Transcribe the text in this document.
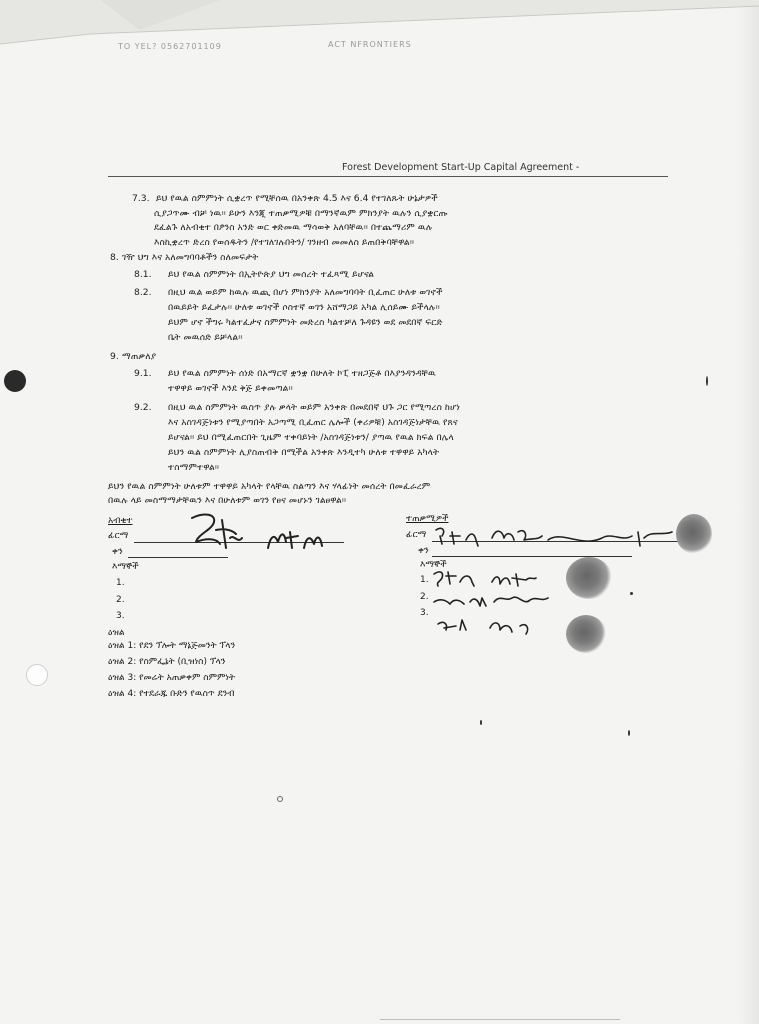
TO YEL? 0562701109	ACT NFRONTIERS
Forest Development Start-Up Capital Agreement -
7.3. ይህ የዉል ስምምነት ሲቋረጥ የሚቸሰዉ በአንቀጽ 4.5 እና 6.4 የተገለጹት ሁኔታዎች
ሲያጋጥሙ ብቻ ነዉ፡፡ ይሁን እንጂ ተጠቃሚዎቹ በማንኛዉም ምክንያት ዉሉን ሲያቋርጡ
ደፈልጉ ለአብቂተ በፆንስ አንድ ወር ቀድመዉ ማሳወቅ አለባቸዉ፡፡ በተጨማሪም ዉሉ
እስኪቋረጥ ድረስ የወሰዱትን /የተገለገሉበትን/ ገንዘብ መመለስ ይጠበቅባቸዋል፡፡
8. ገዥ ህግ እና አለመግባባቶችን ስለመፍታት
8.1. ይህ የዉል ስምምነት በኢትዮጵያ ህግ መሰረት ተፈጻሚ ይሆናል
8.2. በዚህ ዉል ወይም ከዉሉ ዉጪ በሆነ ምክንያት አለመግባባት ቢፈጠር ሁለቱ ወገኖች
በዉይይት ይፈታሉ፡፡ ሁለቱ ወገኖች ሶስተኛ ወገን አሸማጋይ አካል ሊሰይሙ ይችላሉ፡፡
ይህም ሆኖ ችግሩ ካልተፈታና ስምምነት መድረስ ካልተቻለ ጉዳዩን ወደ መደበኛ ፍርድ
ቤት መዉሰድ ይቻላል፡፡
9. ማጠቃለያ
9.1. ይህ የዉል ስምምነት ሰነድ በአማርኛ ቋንቋ በሁለት ኮፒ ተዘጋጅቶ በእያንዳንዳቸዉ
ተዋዋይ ወገኖች እንደ ቅጅ ይቀመጣል፡፡
9.2. በዚህ ዉል ስምምነት ዉስጥ ያሉ ቃላት ወይም አንቀጽ በመደበኛ ህጉ ጋር የሚጣረስ ከሆነ
እና አስገዳጅነቱን የሚያጣበት አጋጣሚ ቢፈጠር ሌሎች (ቀሪዎቹ) አስገዳጅነታቸዉ የጸና
ይሆናል፡፡ ይህ በሚፈጠርበት ጊዜም ተቀባይነት /አስገዳጅነቱን/ ያጣዉ የዉል ክፍል በሌላ
ይህን ዉል ስምምነት ሊያስጠብቅ በሚችል አንቀጽ እንዲተካ ሁለቱ ተዋዋይ አካላት
ተስማምተዋል፡፡
ይህን የዉል ስምምነት ሁለቱም ተዋዋይ አካላት የላቸዉ ስልጣን እና ሃላፊነት መሰረት በመፈራረም
በዉሉ ላይ መስማማታቸዉን እና በሁለቱም ወገን የፀና መሆኑን ገልፀዋል፡፡
አብቂተ
ፊርማ
ቀን
እማኞች
1.
2.
3.
ተጠቃሚዎች
ፊርማ
ቀን
እማኞች
1.
2.
3.
ዕዝል
ዕዝል 1: የደን ፕሎት ማኔጅመንት ፕላን
ዕዝል 2: የስምፌኔት (ቢዝነስ) ፕላን
ዕዝል 3: የመሬት አጠቃቀም ስምምነት
ዕዝል 4: የተደራጁ ቡድን የዉስጥ ደንብ
